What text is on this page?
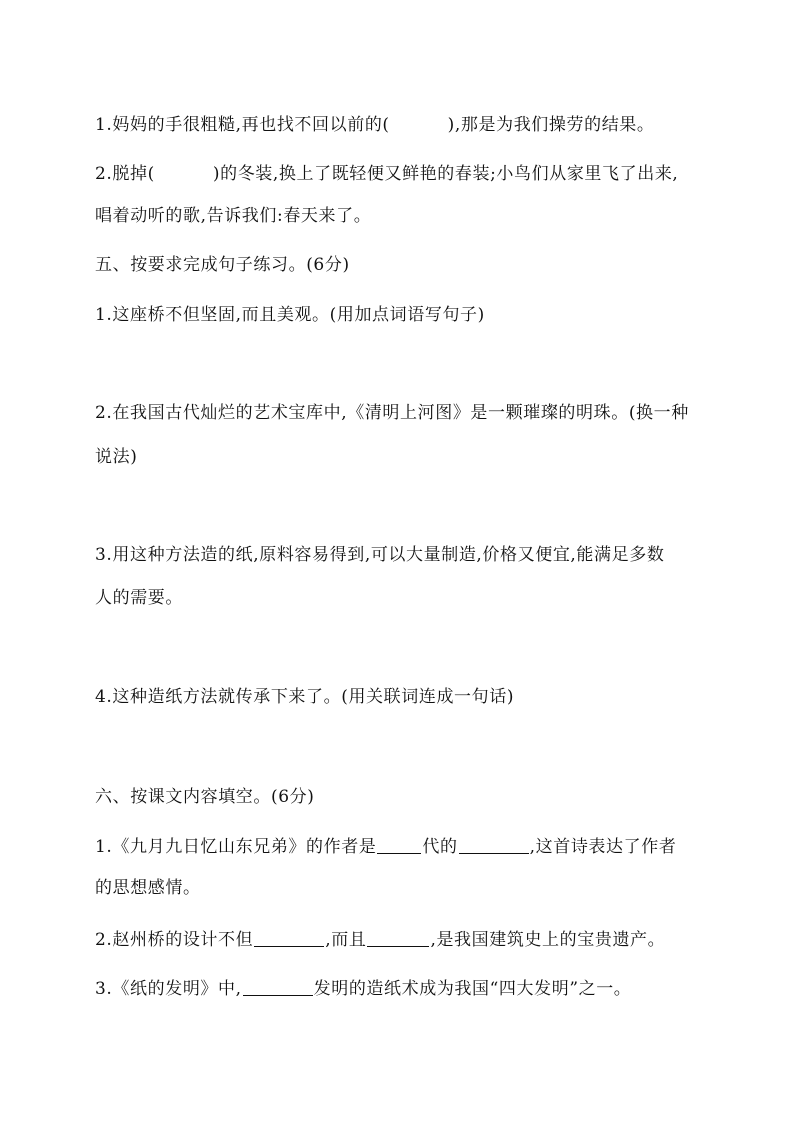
1.妈妈的手很粗糙,再也找不回以前的(	),那是为我们操劳的结果。
2.脱掉(	)的冬装,换上了既轻便又鲜艳的春装;小鸟们从家里飞了出来,
唱着动听的歌,告诉我们:春天来了。
五、按要求完成句子练习。(6分)
1.这座桥不但坚固,而且美观。(用加点词语写句子)
2.在我国古代灿烂的艺术宝库中,《清明上河图》是一颗璀璨的明珠。(换一种
说法)
3.用这种方法造的纸,原料容易得到,可以大量制造,价格又便宜,能满足多数
人的需要。
4.这种造纸方法就传承下来了。(用关联词连成一句话)
六、按课文内容填空。(6分)
1.《九月九日忆山东兄弟》的作者是	代的	,这首诗表达了作者
的思想感情。
2.赵州桥的设计不但	,而且	,是我国建筑史上的宝贵遗产。
3.《纸的发明》中,	发明的造纸术成为我国“四大发明”之一。
